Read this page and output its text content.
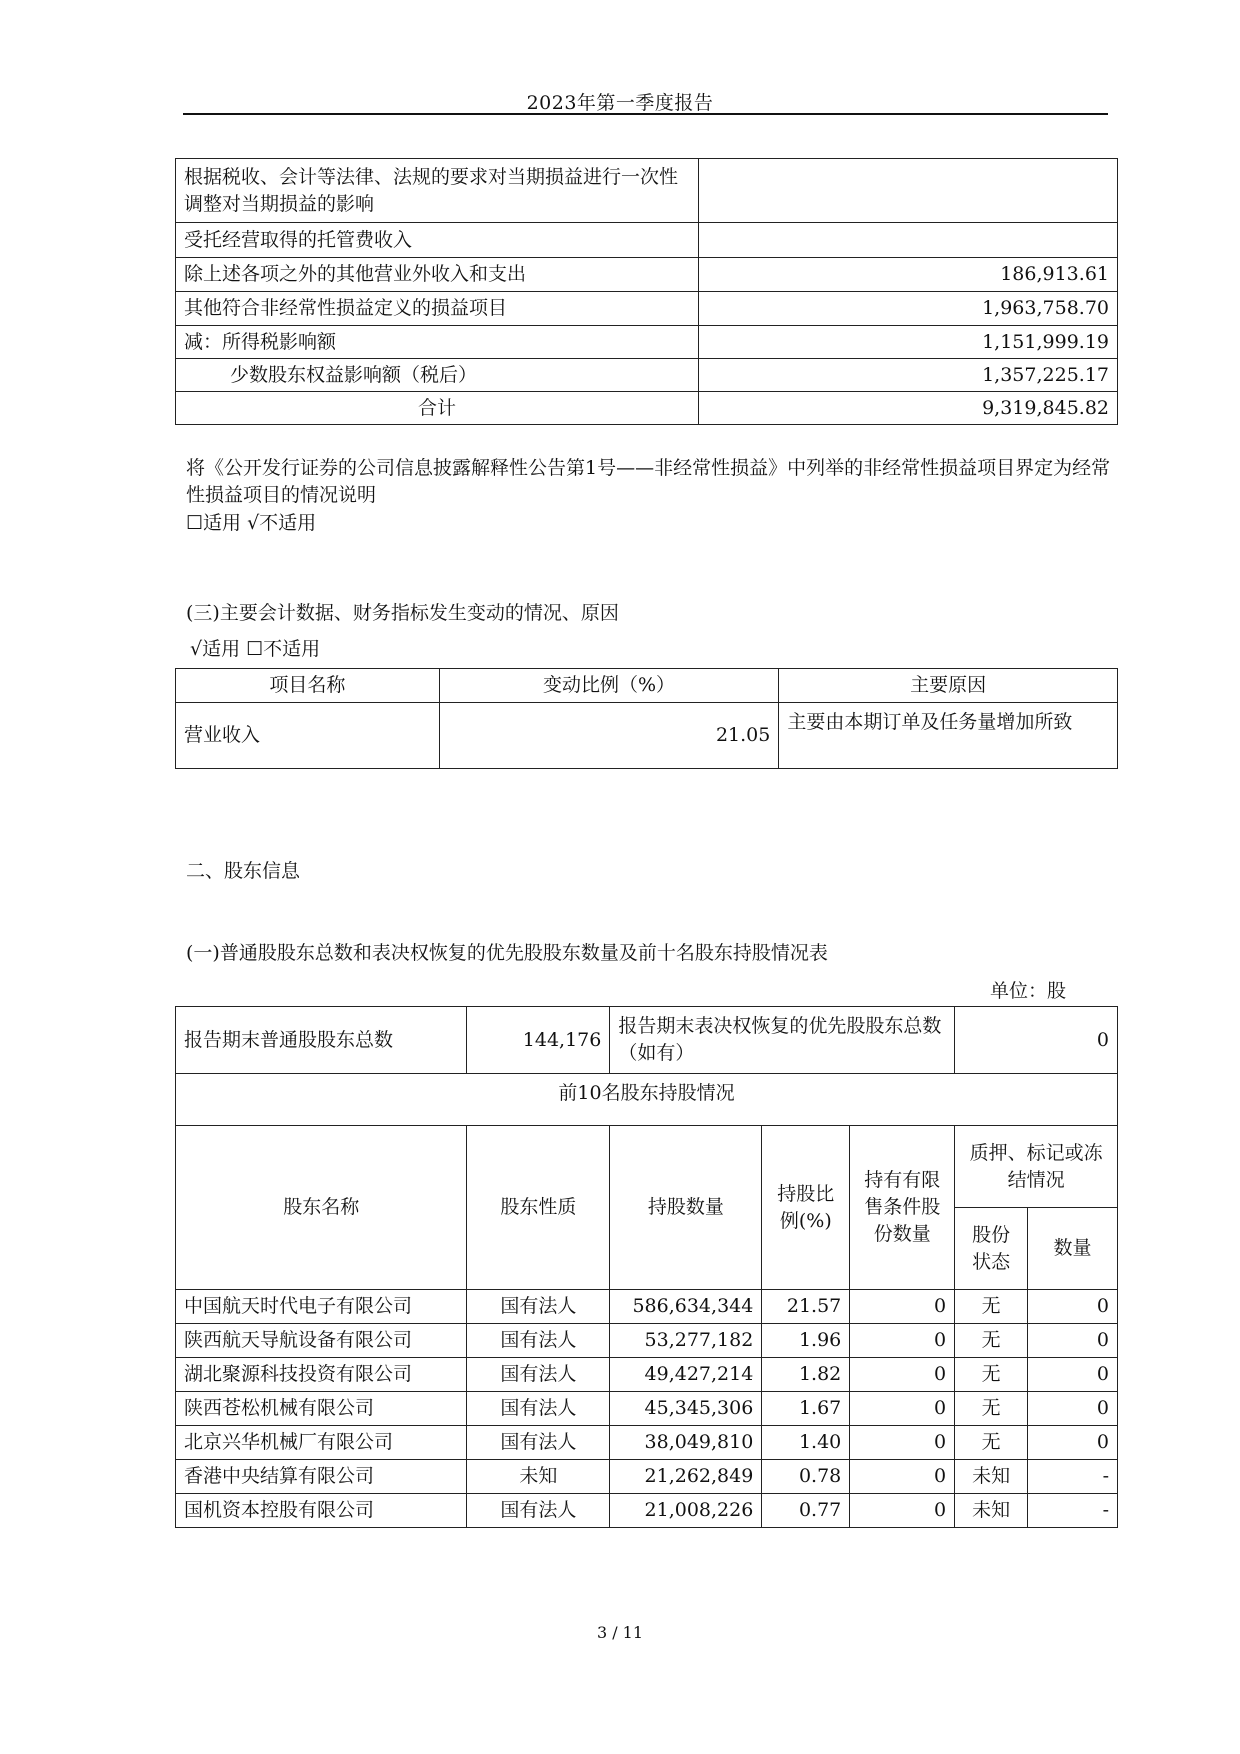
2023年第一季度报告
根据税收、会计等法律、法规的要求对当期损益进行一次性调整对当期损益的影响	
受托经营取得的托管费收入	
除上述各项之外的其他营业外收入和支出	186,913.61
其他符合非经常性损益定义的损益项目	1,963,758.70
减：所得税影响额	1,151,999.19
少数股东权益影响额（税后）	1,357,225.17
合计	9,319,845.82
将《公开发行证券的公司信息披露解释性公告第1号——非经常性损益》中列举的非经常性损益项目界定为经常性损益项目的情况说明
☐适用 √不适用
(三)主要会计数据、财务指标发生变动的情况、原因
√适用 ☐不适用
项目名称	变动比例（%）	主要原因
营业收入	21.05	主要由本期订单及任务量增加所致
二、股东信息
(一)普通股股东总数和表决权恢复的优先股股东数量及前十名股东持股情况表
单位：股
报告期末普通股股东总数	144,176	报告期末表决权恢复的优先股股东总数（如有）			0	
前10名股东持股情况						
股东名称	股东性质	持股数量	持股比例(%)	持有有限售条件股份数量	质押、标记或冻结情况	
					股份状态	数量
中国航天时代电子有限公司	国有法人	586,634,344	21.57	0	无	0
陕西航天导航设备有限公司	国有法人	53,277,182	1.96	0	无	0
湖北聚源科技投资有限公司	国有法人	49,427,214	1.82	0	无	0
陕西苍松机械有限公司	国有法人	45,345,306	1.67	0	无	0
北京兴华机械厂有限公司	国有法人	38,049,810	1.40	0	无	0
香港中央结算有限公司	未知	21,262,849	0.78	0	未知	-
国机资本控股有限公司	国有法人	21,008,226	0.77	0	未知	-
3 / 11
